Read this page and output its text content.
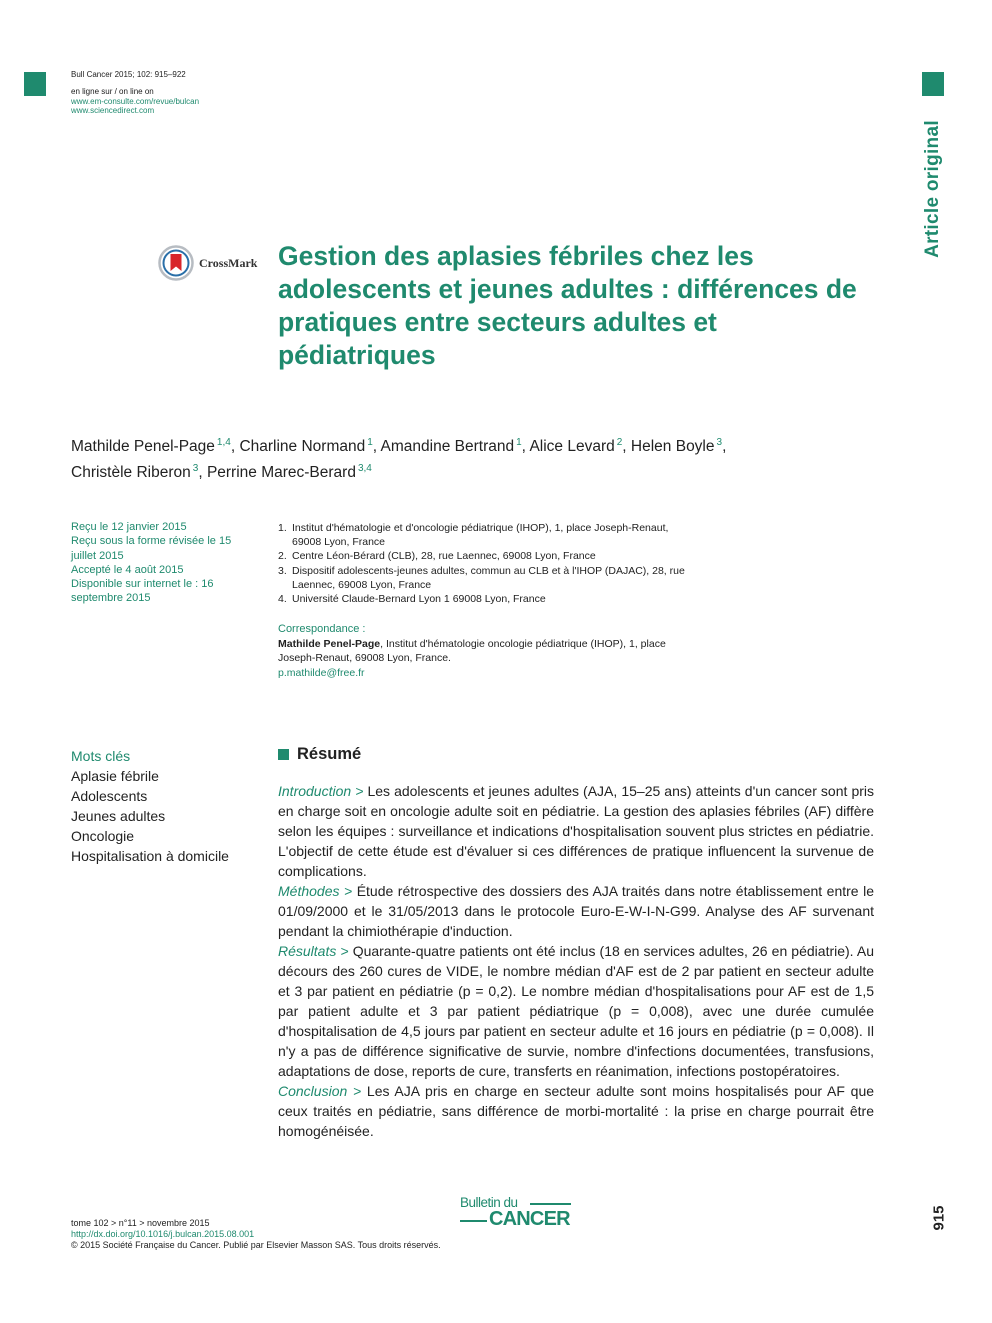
Bull Cancer 2015; 102: 915–922
en ligne sur / on line on
www.em-consulte.com/revue/bulcan
www.sciencedirect.com
Article original
CrossMark Gestion des aplasies fébriles chez les adolescents et jeunes adultes : différences de pratiques entre secteurs adultes et pédiatriques
Mathilde Penel-Page $^{1,4}$, Charline Normand $^1$, Amandine Bertrand $^1$, Alice Levard $^2$, Helen Boyle $^3$,
Christèle Riberon $^3$, Perrine Marec-Berard $^{3,4}$
Reçu le 12 janvier 2015
Reçu sous la forme révisée le 15 juillet 2015
Accepté le 4 août 2015
Disponible sur internet le : 16 septembre 2015
1. Institut d'hématologie et d'oncologie pédiatrique (IHOP), 1, place Joseph-Renaut, 69008 Lyon, France
2. Centre Léon-Bérard (CLB), 28, rue Laennec, 69008 Lyon, France
3. Dispositif adolescents-jeunes adultes, commun au CLB et à l'IHOP (DAJAC), 28, rue Laennec, 69008 Lyon, France
4. Université Claude-Bernard Lyon 1 69008 Lyon, France
Correspondance :
Mathilde Penel-Page, Institut d'hématologie oncologie pédiatrique (IHOP), 1, place Joseph-Renaut, 69008 Lyon, France.
p.mathilde@free.fr
Mots clés
Aplasie fébrile
Adolescents
Jeunes adultes
Oncologie
Hospitalisation à domicile
Résumé

Introduction > Les adolescents et jeunes adultes (AJA, 15–25 ans) atteints d'un cancer sont pris en charge soit en oncologie adulte soit en pédiatrie. La gestion des aplasies fébriles (AF) diffère selon les équipes : surveillance et indications d'hospitalisation souvent plus strictes en pédiatrie. L'objectif de cette étude est d'évaluer si ces différences de pratique influencent la survenue de complications.

Méthodes > Étude rétrospective des dossiers des AJA traités dans notre établissement entre le 01/09/2000 et le 31/05/2013 dans le protocole Euro-E-W-I-N-G99. Analyse des AF survenant pendant la chimiothérapie d'induction.

Résultats > Quarante-quatre patients ont été inclus (18 en services adultes, 26 en pédiatrie). Au décours des 260 cures de VIDE, le nombre médian d'AF est de 2 par patient en secteur adulte et 3 par patient en pédiatrie (p = 0,2). Le nombre médian d'hospitalisations pour AF est de 1,5 par patient adulte et 3 par patient pédiatrique (p = 0,008), avec une durée cumulée d'hospitalisation de 4,5 jours par patient en secteur adulte et 16 jours en pédiatrie (p = 0,008). Il n'y a pas de différence significative de survie, nombre d'infections documentées, transfusions, adaptations de dose, reports de cure, transferts en réanimation, infections postopératoires.

Conclusion > Les AJA pris en charge en secteur adulte sont moins hospitalisés pour AF que ceux traités en pédiatrie, sans différence de morbi-mortalité : la prise en charge pourrait être homogénéisée.

Bulletin du
CANCER
tome 102 > n°11 > novembre 2015
http://dx.doi.org/10.1016/j.bulcan.2015.08.001
© 2015 Société Française du Cancer. Publié par Elsevier Masson SAS. Tous droits réservés.
915
